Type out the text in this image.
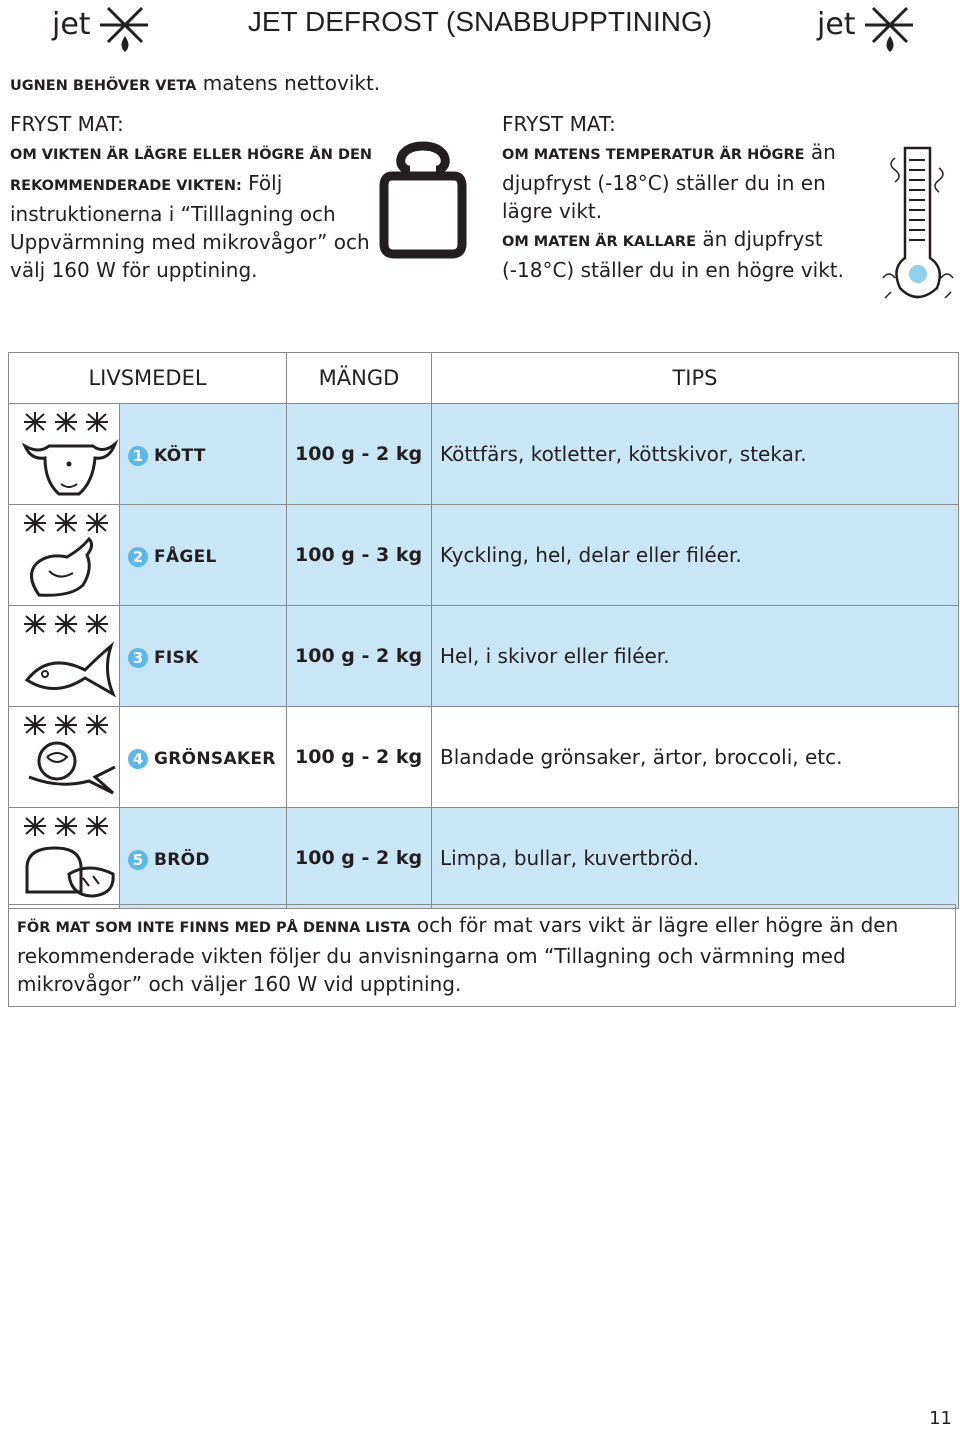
jet	JET DEFROST (SNABBUPPTINING)	jet
UGNEN BEHÖVER VETA matens nettovikt.
FRYST MAT:
OM VIKTEN ÄR LÄGRE ELLER HÖGRE ÄN DEN REKOMMENDERADE VIKTEN: Följ instruktionerna i “Tilllagning och Uppvärmning med mikrovågor” och välj 160 W för upptining.
FRYST MAT:
OM MATENS TEMPERATUR ÄR HÖGRE än djupfryst (-18°C) ställer du in en lägre vikt.
OM MATEN ÄR KALLARE än djupfryst (-18°C) ställer du in en högre vikt.
LIVSMEDEL		MÄNGD	TIPS

	1 KÖTT	100 g - 2 kg	Köttfärs, kotletter, köttskivor, stekar.

	2 FÅGEL	100 g - 3 kg	Kyckling, hel, delar eller filéer.

	3 FISK	100 g - 2 kg	Hel, i skivor eller filéer.

	4 GRÖNSAKER	100 g - 2 kg	Blandade grönsaker, ärtor, broccoli, etc.

	5 BRÖD	100 g - 2 kg	Limpa, bullar, kuvertbröd.
FÖR MAT SOM INTE FINNS MED PÅ DENNA LISTA och för mat vars vikt är lägre eller högre än den rekommenderade vikten följer du anvisningarna om “Tillagning och värmning med mikrovågor” och väljer 160 W vid upptining.
11
